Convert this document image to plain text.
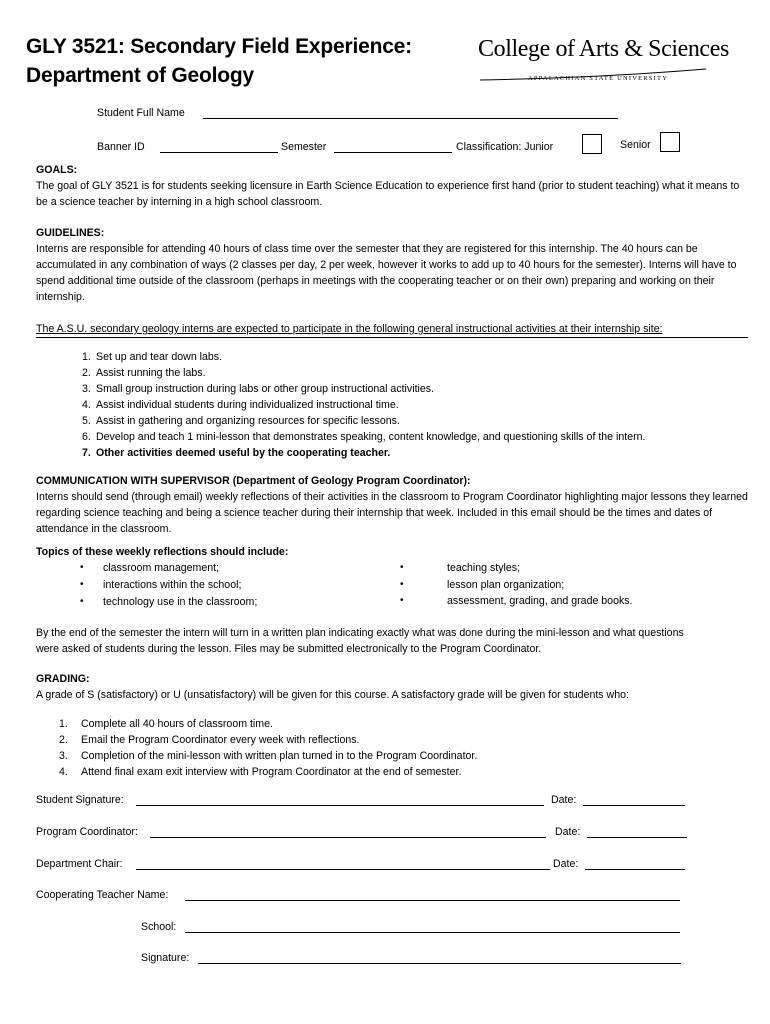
GLY 3521: Secondary Field Experience:
Department of Geology
College of Arts & Sciences
APPALACHIAN STATE UNIVERSITY
Student Full Name
Banner ID	Semester	Classification: Junior	Senior
GOALS:
The goal of GLY 3521 is for students seeking licensure in Earth Science Education to experience first hand (prior to student teaching) what it means to be a science teacher by interning in a high school classroom.
GUIDELINES:
Interns are responsible for attending 40 hours of class time over the semester that they are registered for this internship. The 40 hours can be accumulated in any combination of ways (2 classes per day, 2 per week, however it works to add up to 40 hours for the semester). Interns will have to spend additional time outside of the classroom (perhaps in meetings with the cooperating teacher or on their own) preparing and working on their internship.
The A.S.U. secondary geology interns are expected to participate in the following general instructional activities at their internship site:
1. Set up and tear down labs.
2. Assist running the labs.
3. Small group instruction during labs or other group instructional activities.
4. Assist individual students during individualized instructional time.
5. Assist in gathering and organizing resources for specific lessons.
6. Develop and teach 1 mini-lesson that demonstrates speaking, content knowledge, and questioning skills of the intern.
7. Other activities deemed useful by the cooperating teacher.
COMMUNICATION WITH SUPERVISOR (Department of Geology Program Coordinator):
Interns should send (through email) weekly reflections of their activities in the classroom to Program Coordinator highlighting major lessons they learned regarding science teaching and being a science teacher during their internship that week. Included in this email should be the times and dates of attendance in the classroom.
Topics of these weekly reflections should include:
• classroom management;
• interactions within the school;
• technology use in the classroom;
•	teaching styles;
•	lesson plan organization;
•	assessment, grading, and grade books.
By the end of the semester the intern will turn in a written plan indicating exactly what was done during the mini-lesson and what questions were asked of students during the lesson. Files may be submitted electronically to the Program Coordinator.
GRADING:
A grade of S (satisfactory) or U (unsatisfactory) will be given for this course. A satisfactory grade will be given for students who:
1. Complete all 40 hours of classroom time.
2. Email the Program Coordinator every week with reflections.
3. Completion of the mini-lesson with written plan turned in to the Program Coordinator.
4. Attend final exam exit interview with Program Coordinator at the end of semester.
Student Signature:	Date:
Program Coordinator:	Date:
Department Chair:	Date:
Cooperating Teacher Name:
School:
Signature:
